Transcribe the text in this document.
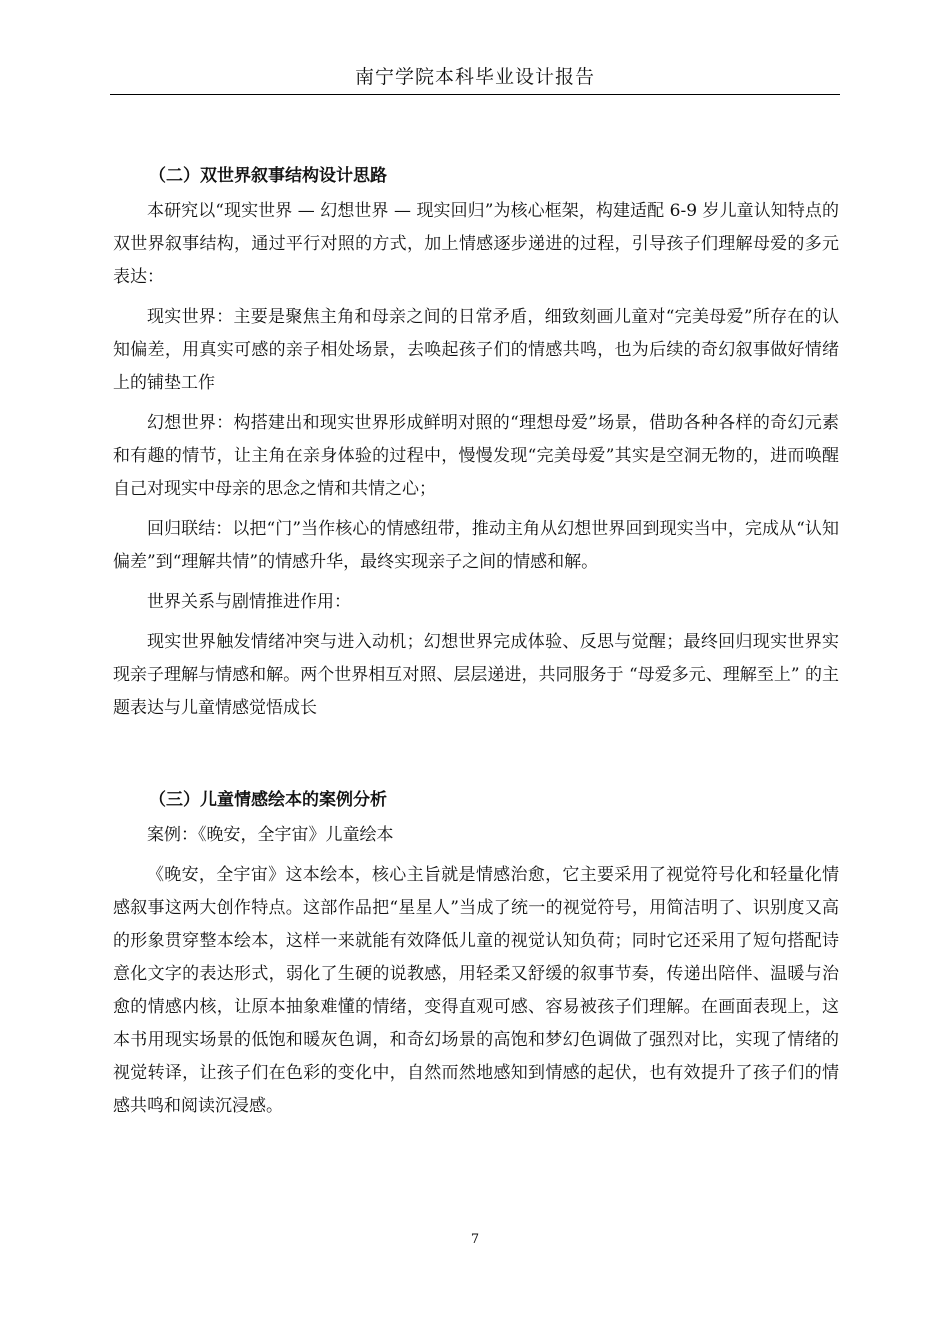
南宁学院本科毕业设计报告
（二）双世界叙事结构设计思路

本研究以“现实世界 — 幻想世界 — 现实回归”为核心框架，构建适配 6-9 岁儿童认知特点的双世界叙事结构，通过平行对照的方式，加上情感逐步递进的过程，引导孩子们理解母爱的多元表达：

现实世界：主要是聚焦主角和母亲之间的日常矛盾，细致刻画儿童对“完美母爱”所存在的认知偏差，用真实可感的亲子相处场景，去唤起孩子们的情感共鸣，也为后续的奇幻叙事做好情绪上的铺垫工作

幻想世界：构搭建出和现实世界形成鲜明对照的“理想母爱”场景，借助各种各样的奇幻元素和有趣的情节，让主角在亲身体验的过程中，慢慢发现“完美母爱”其实是空洞无物的，进而唤醒自己对现实中母亲的思念之情和共情之心；

回归联结：以把“门”当作核心的情感纽带，推动主角从幻想世界回到现实当中，完成从“认知偏差”到“理解共情”的情感升华，最终实现亲子之间的情感和解。

世界关系与剧情推进作用：

现实世界触发情绪冲突与进入动机；幻想世界完成体验、反思与觉醒；最终回归现实世界实现亲子理解与情感和解。两个世界相互对照、层层递进，共同服务于 “母爱多元、理解至上” 的主题表达与儿童情感觉悟成长

（三）儿童情感绘本的案例分析

案例：《晚安，全宇宙》儿童绘本

《晚安，全宇宙》这本绘本，核心主旨就是情感治愈，它主要采用了视觉符号化和轻量化情感叙事这两大创作特点。这部作品把“星星人”当成了统一的视觉符号，用简洁明了、识别度又高的形象贯穿整本绘本，这样一来就能有效降低儿童的视觉认知负荷；同时它还采用了短句搭配诗意化文字的表达形式，弱化了生硬的说教感，用轻柔又舒缓的叙事节奏，传递出陪伴、温暖与治愈的情感内核，让原本抽象难懂的情绪，变得直观可感、容易被孩子们理解。在画面表现上，这本书用现实场景的低饱和暖灰色调，和奇幻场景的高饱和梦幻色调做了强烈对比，实现了情绪的视觉转译，让孩子们在色彩的变化中，自然而然地感知到情感的起伏，也有效提升了孩子们的情感共鸣和阅读沉浸感。

7
